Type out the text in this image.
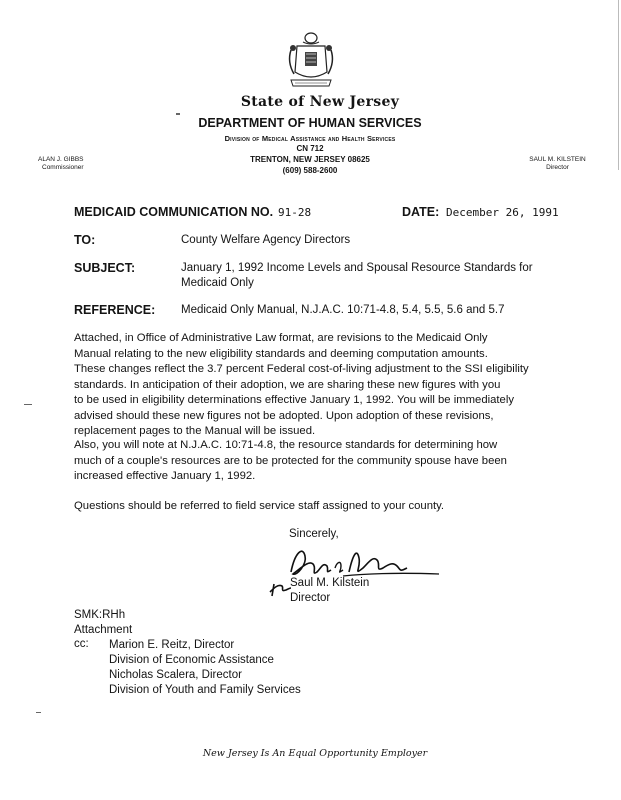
State of New Jersey
DEPARTMENT OF HUMAN SERVICES
Division of Medical Assistance and Health Services
CN 712
TRENTON, NEW JERSEY 08625
(609) 588-2600
ALAN J. GIBBS
Commissioner
SAUL M. KILSTEIN
Director
MEDICAID COMMUNICATION NO. 91-28	DATE: December 26, 1991
TO:	County Welfare Agency Directors
SUBJECT:	January 1, 1992 Income Levels and Spousal Resource Standards for
Medicaid Only
REFERENCE: Medicaid Only Manual, N.J.A.C. 10:71-4.8, 5.4, 5.5, 5.6 and 5.7
Attached, in Office of Administrative Law format, are revisions to the Medicaid Only
Manual relating to the new eligibility standards and deeming computation amounts.
These changes reflect the 3.7 percent Federal cost-of-living adjustment to the SSI eligibility
standards. In anticipation of their adoption, we are sharing these new figures with you
to be used in eligibility determinations effective January 1, 1992. You will be immediately
advised should these new figures not be adopted. Upon adoption of these revisions,
replacement pages to the Manual will be issued.
Also, you will note at N.J.A.C. 10:71-4.8, the resource standards for determining how
much of a couple's resources are to be protected for the community spouse have been
increased effective January 1, 1992.
Questions should be referred to field service staff assigned to your county.
Sincerely,
Saul M. Kilstein
Director
SMK:RHh
Attachment
cc: Marion E. Reitz, Director
Division of Economic Assistance
Nicholas Scalera, Director
Division of Youth and Family Services
New Jersey Is An Equal Opportunity Employer
